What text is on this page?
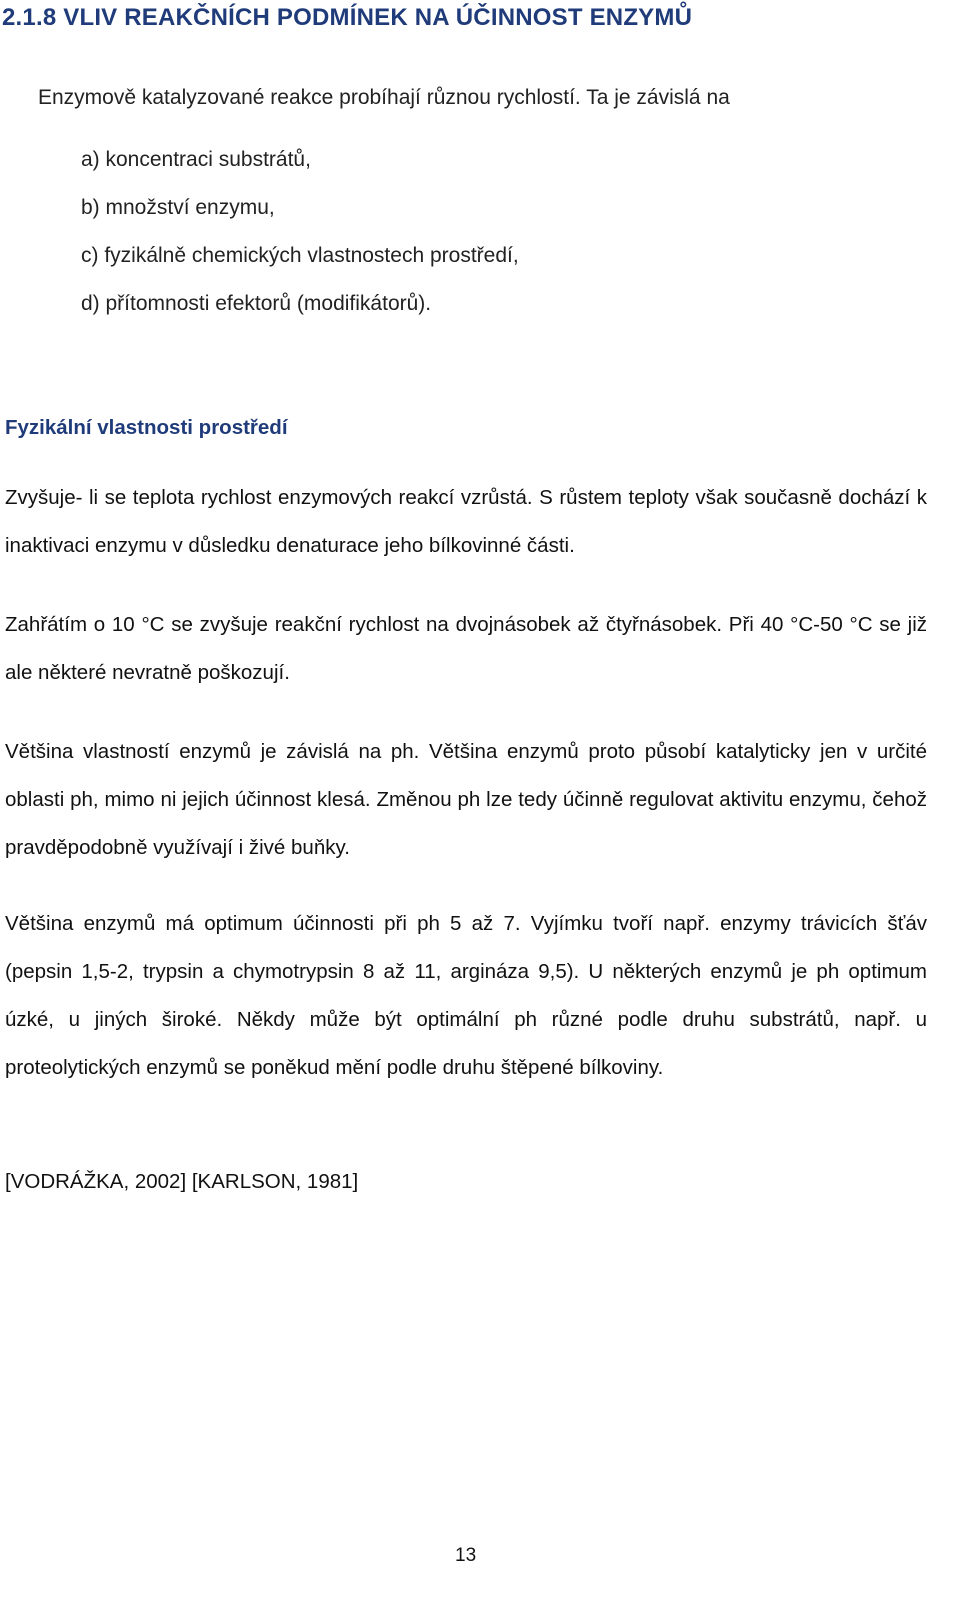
2.1.8 VLIV REAKČNÍCH PODMÍNEK NA ÚČINNOST ENZYMŮ

Enzymově katalyzované reakce probíhají různou rychlostí. Ta je závislá na

a) koncentraci substrátů,
b) množství enzymu,
c) fyzikálně chemických vlastnostech prostředí,
d) přítomnosti efektorů (modifikátorů).
Fyzikální vlastnosti prostředí

Zvyšuje- li se teplota rychlost enzymových reakcí vzrůstá. S růstem teploty však současně dochází k inaktivaci enzymu v důsledku denaturace jeho bílkovinné části.

Zahřátím o 10 °C se zvyšuje reakční rychlost na dvojnásobek až čtyřnásobek. Při 40 °C-50 °C se již ale některé nevratně poškozují.

Většina vlastností enzymů je závislá na ph. Většina enzymů proto působí katalyticky jen v určité oblasti ph, mimo ni jejich účinnost klesá. Změnou ph lze tedy účinně regulovat aktivitu enzymu, čehož pravděpodobně využívají i živé buňky.

Většina enzymů má optimum účinnosti při ph 5 až 7. Vyjímku tvoří např. enzymy trávicích šťáv (pepsin 1,5-2, trypsin a chymotrypsin 8 až 11, arginázа 9,5). U některých enzymů je ph optimum úzké, u jiných široké. Někdy může být optimální ph různé podle druhu substrátů, např. u proteolytických enzymů se poněkud mění podle druhu štěpené bílkoviny.

[VODRÁŽKA, 2002] [KARLSON, 1981]

13
